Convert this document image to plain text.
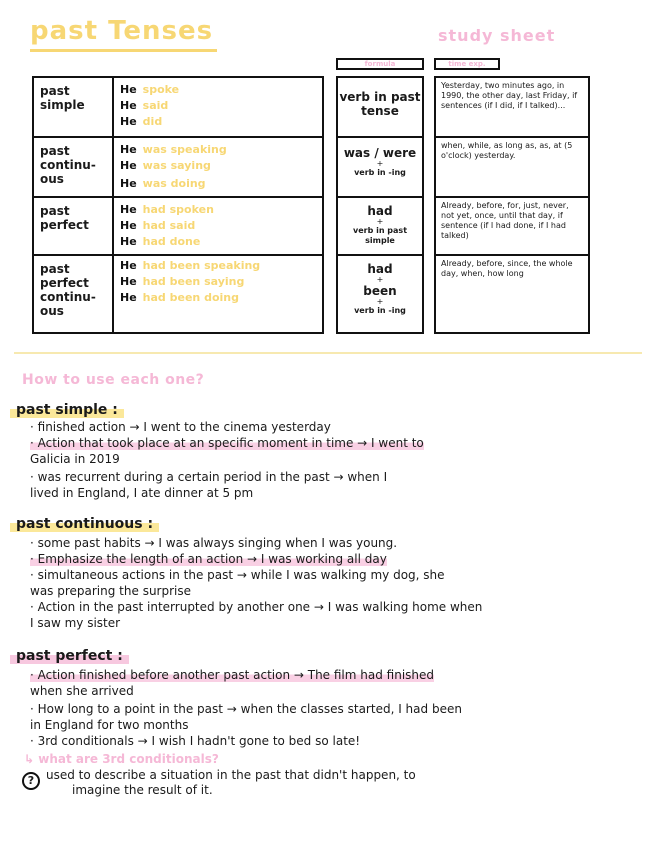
past Tenses	study sheet
formula	time exp.
past simple
He spoke
He said
He did
past continu-ous
He was speaking
He was saying
He was doing
past perfect
He had spoken
He had said
He had done
past perfect continu-ous
He had been speaking
He had been saying
He had been doing
verb in past tense
was / were
+
verb in -ing
had
+
verb in past simple
had
+
been
+
verb in -ing
Yesterday, two minutes ago, in 1990, the other day, last Friday, if sentences (if I did, if I talked)...
when, while, as long as, as, at (5 o'clock) yesterday.
Already, before, for, just, never, not yet, once, until that day, if sentence (if I had done, if I had talked)
Already, before, since, the whole day, when, how long
How to use each one?
past simple :
· finished action → I went to the cinema yesterday
· Action that took place at an specific moment in time → I went to
Galicia in 2019
· was recurrent during a certain period in the past → when I
lived in England, I ate dinner at 5 pm
past continuous :
· some past habits → I was always singing when I was young.
· Emphasize the length of an action → I was working all day
· simultaneous actions in the past → while I was walking my dog, she
was preparing the surprise
· Action in the past interrupted by another one → I was walking home when
I saw my sister
past perfect :
· Action finished before another past action → The film had finished
when she arrived
· How long to a point in the past → when the classes started, I had been
in England for two months
· 3rd conditionals → I wish I hadn't gone to bed so late!
↳ what are 3rd conditionals?
? used to describe a situation in the past that didn't happen, to
imagine the result of it.
